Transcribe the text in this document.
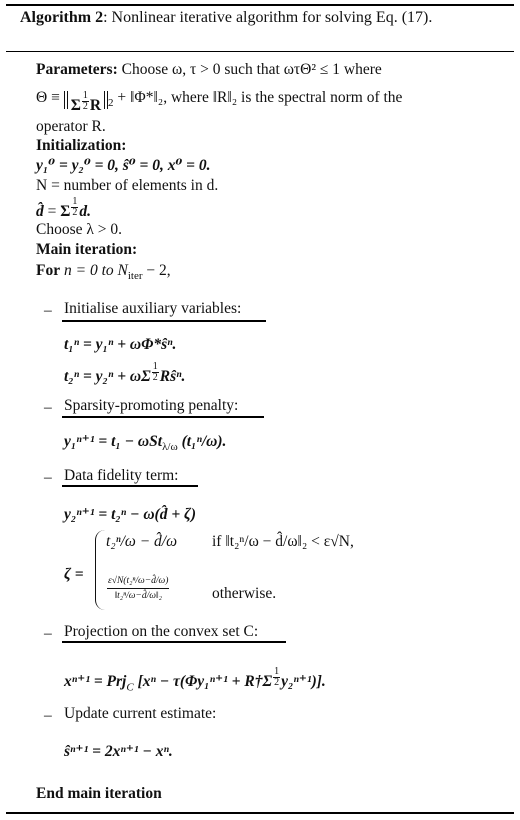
Algorithm 2: Nonlinear iterative algorithm for solving Eq. (17).
Parameters: Choose ω, τ > 0 such that ωτΘ² ≤ 1 where
Θ ≡ Σ $^{\frac{1}{2}}$ R $_2$ + ‖Φ*‖₂, where ‖R‖₂ is the spectral norm of the
operator R.
Initialization:
y₁⁰ = y₂⁰ = 0, ŝ⁰ = 0, x⁰ = 0.
N = number of elements in d.
d̂ = Σ $^{\frac{1}{2}}$ d.
Choose λ > 0.
Main iteration:
For n = 0 to $N_{iter} - 2$,
– Initialise auxiliary variables:
t₁ⁿ = y₁ⁿ + ωΦ*ŝⁿ.
t₂ⁿ = y₂ⁿ + ωΣ $^{\frac{1}{2}}$ Rŝⁿ.
– Sparsity-promoting penalty:
y₁ⁿ⁺¹ = t₁ − ωSt$_{\lambda/\omega}$ (t₁ⁿ/ω).
– Data fidelity term:
y₂ⁿ⁺¹ = t₂ⁿ − ω(d̂ + ζ)
ζ =
t₂ⁿ/ω − d̂/ω if ‖t₂ⁿ/ω − d̂/ω‖₂ < ε√N,
$\frac{\text{ε√N(t₂ⁿ/ω−d̂/ω)}}{\text{‖t₂ⁿ/ω−d̂/ω‖₂}}$	otherwise.
– Projection on the convex set C:
xⁿ⁺¹ = Prj$_C$ [xⁿ − τ(Φy₁ⁿ⁺¹ + R†Σ $^{\frac{1}{2}}$ y₂ⁿ⁺¹)].
– Update current estimate:
ŝⁿ⁺¹ = 2xⁿ⁺¹ − xⁿ.
End main iteration
